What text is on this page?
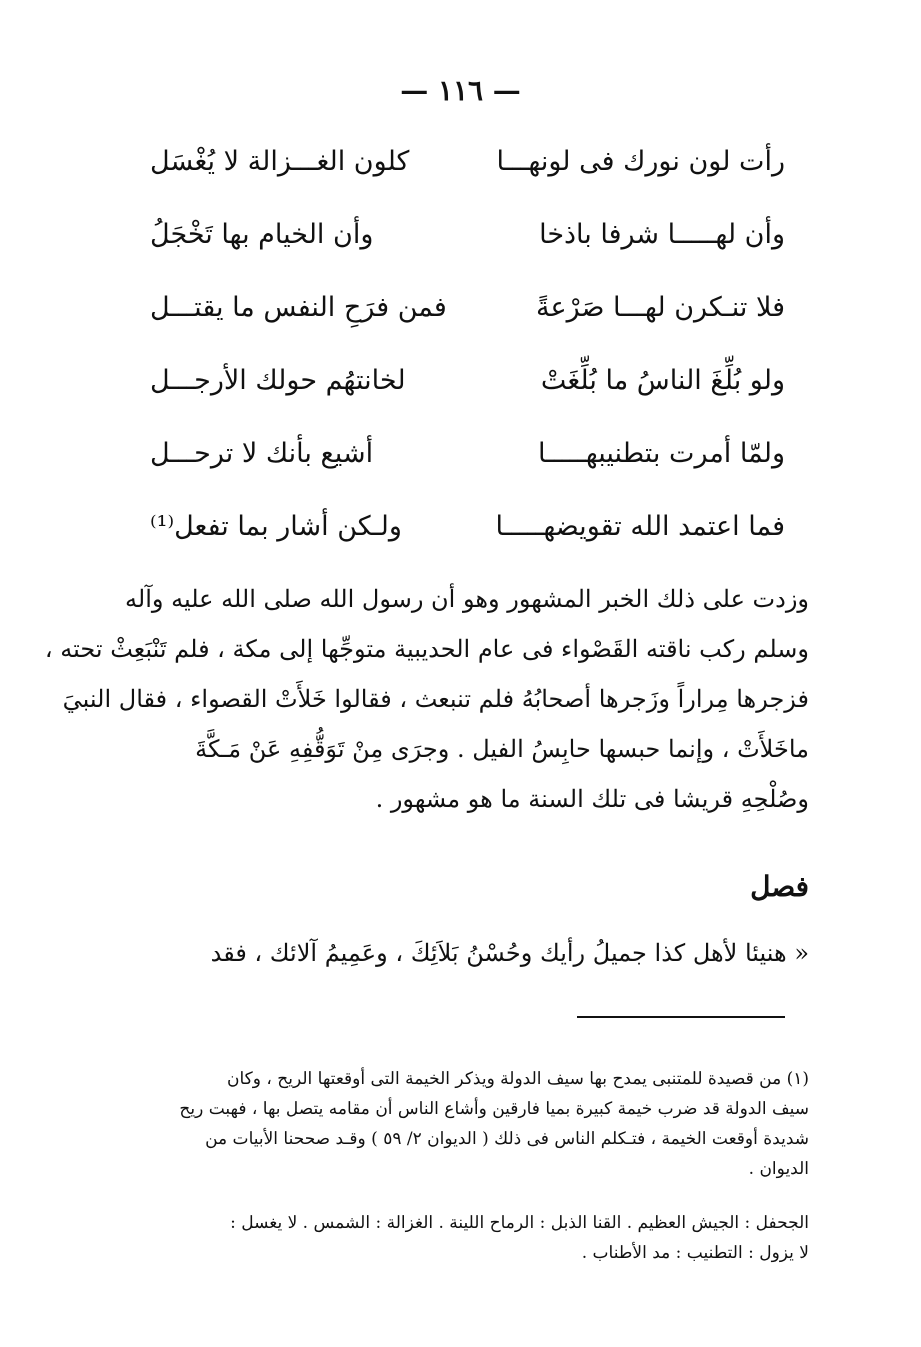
— ١١٦ —
رأت لون نورك فى لونهـــا
كلون الغـــزالة لا يُغْسَل
وأن لهـــــا شرفا باذخا
وأن الخيام بها تَخْجَلُ
فلا تنـكرن لهـــا صَرْعةً
فمن فرَحِ النفس ما يقتـــل
ولو بُلِّغَ الناسُ ما بُلِّغَتْ
لخانتهُم حولك الأرجـــل
ولمّا أمرت بتطنيبهـــــا
أشيع بأنك لا ترحـــل
فما اعتمد الله تقويضهـــــا
ولـكن أشار بما تفعل⁽¹⁾
وزدت على ذلك الخبر المشهور وهو أن رسول الله صلى الله عليه وآله
وسلم ركب ناقته القَصْواء فى عام الحديبية متوجِّها إلى مكة ، فلم تَنْبَعِثْ تحته ،
فزجرها مِراراً وزَجرها أصحابُهُ فلم تنبعث ، فقالوا خَلأَتْ القصواء ، فقال النبيَ
ماخَلأَتْ ، وإنما حبسها حابِسُ الفيل . وجرَى مِنْ تَوَقُّفِهِ عَنْ مَـكَّةَ
وصُلْحِهِ قريشا فى تلك السنة ما هو مشهور .
فصل
« هنيئا لأهل كذا جميلُ رأيك وحُسْنُ بَلاَئِكَ ، وعَمِيمُ آلائك ، فقد
(١) من قصيدة للمتنبى يمدح بها سيف الدولة ويذكر الخيمة التى أوقعتها الريح ، وكان
سيف الدولة قد ضرب خيمة كبيرة بميا فارقين وأشاع الناس أن مقامه يتصل بها ، فهبت ريح
شديدة أوقعت الخيمة ، فتـكلم الناس فى ذلك ( الديوان ٢/ ٥٩ ) وقـد صححنا الأبيات من
الديوان .
الجحفل : الجيش العظيم . القنا الذبل : الرماح اللينة . الغزالة : الشمس . لا يغسل :
لا يزول : التطنيب : مد الأطناب .
